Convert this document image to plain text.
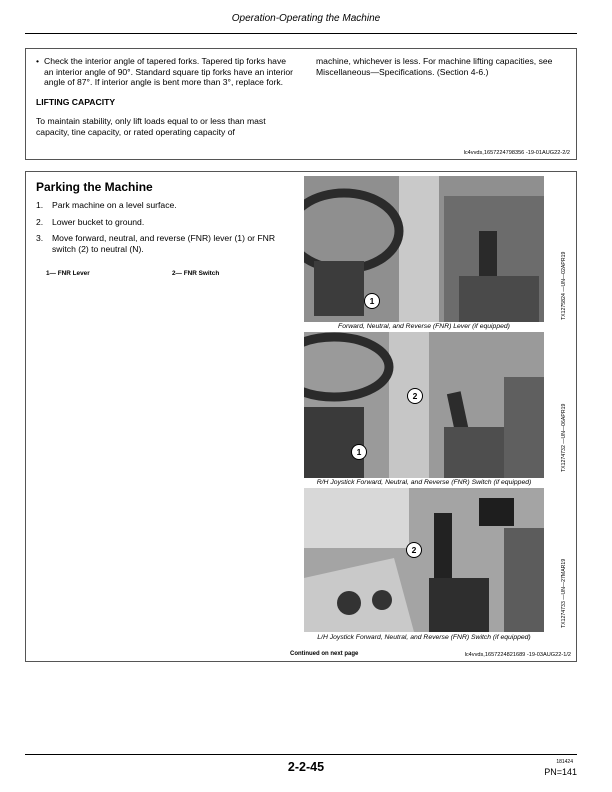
Operation-Operating the Machine
• Check the interior angle of tapered forks. Tapered tip forks have an interior angle of 90°. Standard square tip forks have an interior angle of 87°. If interior angle is bent more than 3°, replace fork.
LIFTING CAPACITY
To maintain stability, only lift loads equal to or less than mast capacity, tine capacity, or rated operating capacity of
machine, whichever is less. For machine lifting capacities, see Miscellaneous—Specifications. (Section 4-6.)
lc4vvds,1657224798356 -19-01AUG22-2/2
Parking the Machine
1.	Park machine on a level surface.
2.	Lower bucket to ground.
3.	Move forward, neutral, and reverse (FNR) lever (1) or FNR switch (2) to neutral (N).
1— FNR Lever	2— FNR Switch
1
Forward, Neutral, and Reverse (FNR) Lever (if equipped)
TX1275824 —UN—02APR19
2
1
R/H Joystick Forward, Neutral, and Reverse (FNR) Switch (if equipped)
TX1274732 —UN—06APR19
2
L/H Joystick Forward, Neutral, and Reverse (FNR) Switch (if equipped)
TX1274733 —UN—27MAR19
Continued on next page	lc4vvds,1657224821689 -19-03AUG22-1/2
2-2-45	181424
PN=141
